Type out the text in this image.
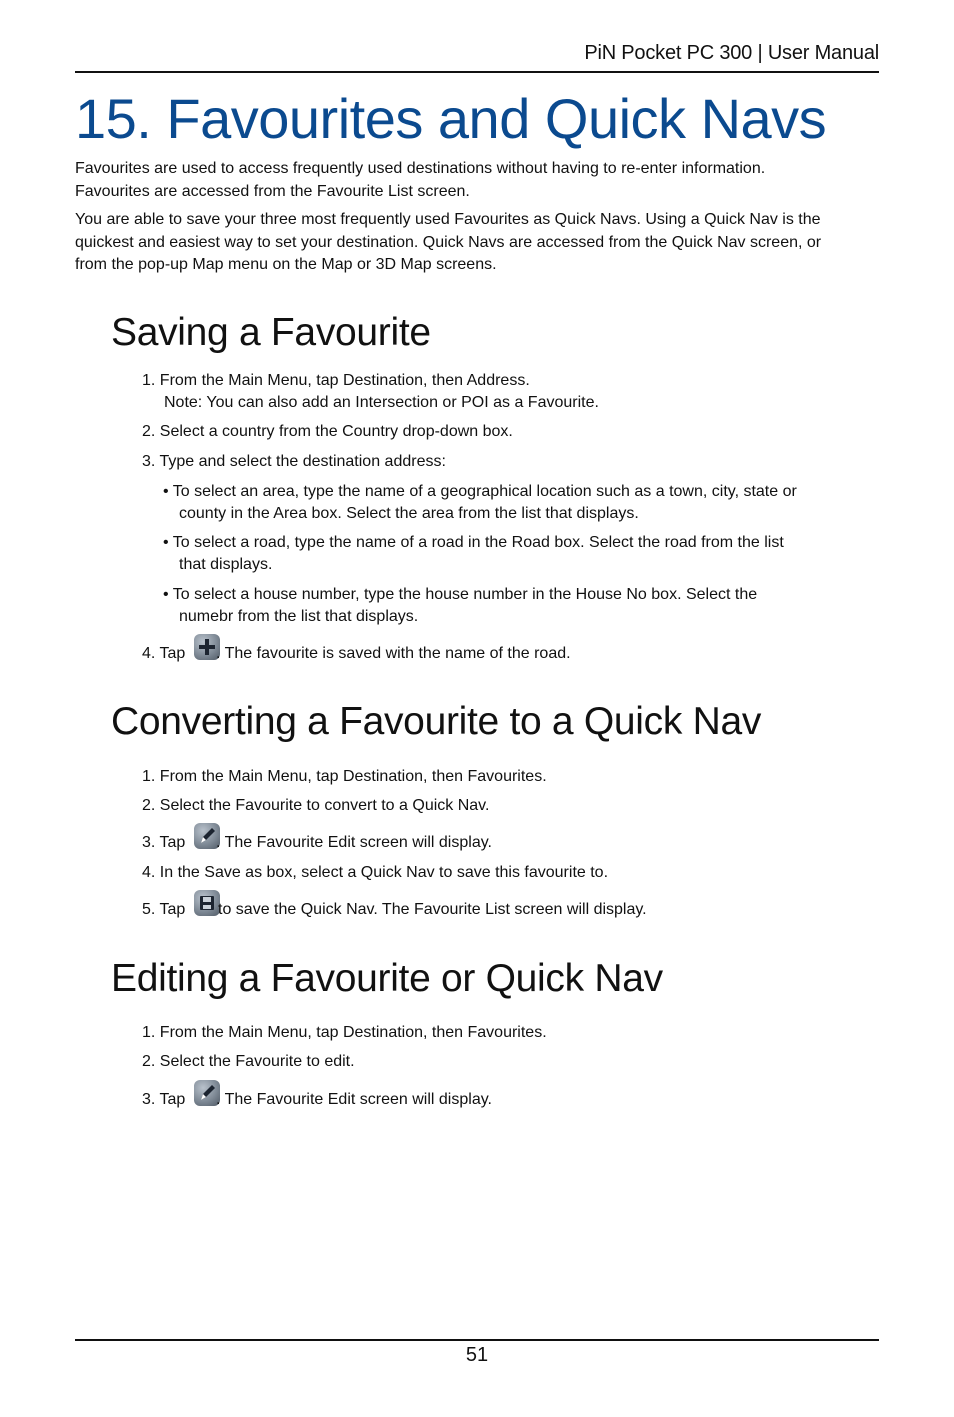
PiN Pocket PC 300 | User Manual
15. Favourites and Quick Navs

Favourites are used to access frequently used destinations without having to re-enter information. Favourites are accessed from the Favourite List screen.

You are able to save your three most frequently used Favourites as Quick Navs. Using a Quick Nav is the quickest and easiest way to set your destination. Quick Navs are accessed from the Quick Nav screen, or from the pop-up Map menu on the Map or 3D Map screens.

Saving a Favourite
1. From the Main Menu, tap Destination, then Address.
Note: You can also add an Intersection or POI as a Favourite.
2. Select a country from the Country drop-down box.
3. Type and select the destination address:
• To select an area, type the name of a geographical location such as a town, city, state or
county in the Area box. Select the area from the list that displays.
• To select a road, type the name of a road in the Road box. Select the road from the list
that displays.
• To select a house number, type the house number in the House No box. Select the
numebr from the list that displays.
4. Tap . The favourite is saved with the name of the road.
Converting a Favourite to a Quick Nav
1. From the Main Menu, tap Destination, then Favourites.
2. Select the Favourite to convert to a Quick Nav.
3. Tap . The Favourite Edit screen will display.
4. In the Save as box, select a Quick Nav to save this favourite to.
5. Tap to save the Quick Nav. The Favourite List screen will display.
Editing a Favourite or Quick Nav
1. From the Main Menu, tap Destination, then Favourites.
2. Select the Favourite to edit.
3. Tap . The Favourite Edit screen will display.
51
